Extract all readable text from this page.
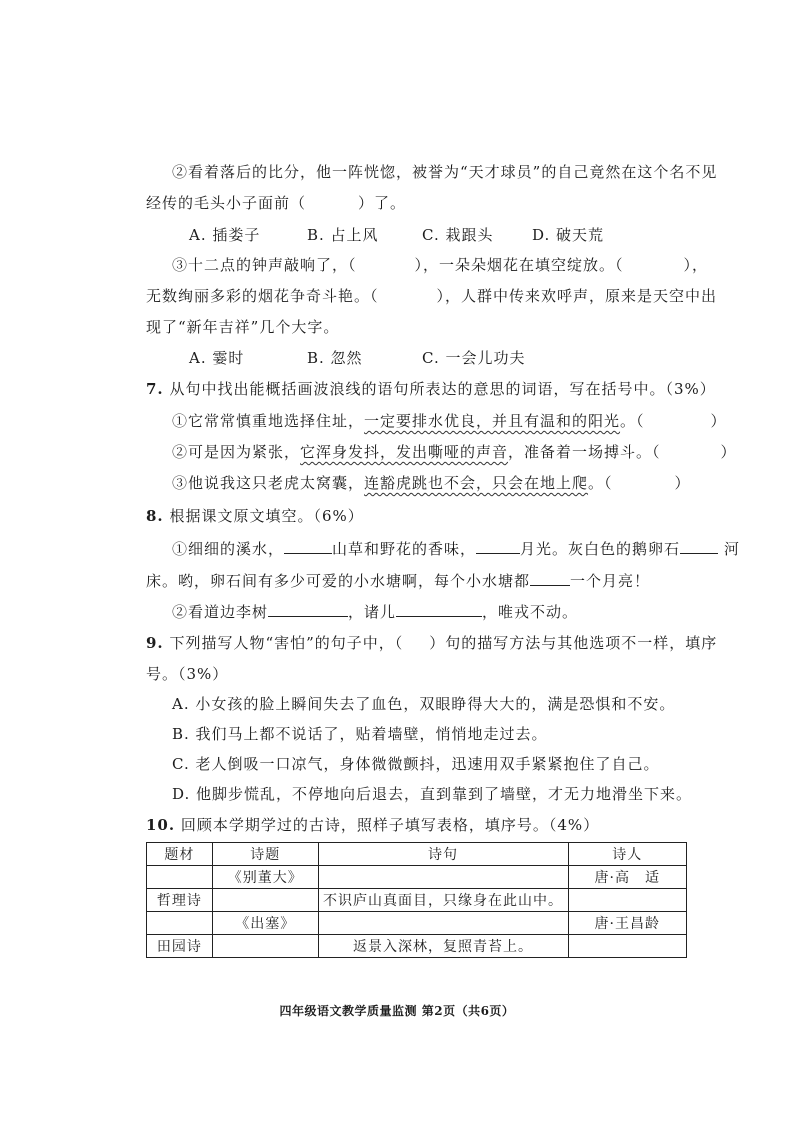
②看着落后的比分，他一阵恍惚，被誉为“天才球员”的自己竟然在这个名不见
经传的毛头小子面前（	）了。
A. 插娄子	B. 占上风	C. 栽跟头	D. 破天荒
③十二点的钟声敲响了，（	），一朵朵烟花在填空绽放。（	），
无数绚丽多彩的烟花争奇斗艳。（	），人群中传来欢呼声，原来是天空中出
现了“新年吉祥”几个大字。
A. 霎时	B. 忽然	C. 一会儿功夫
7. 从句中找出能概括画波浪线的语句所表达的意思的词语，写在括号中。（3%）
①它常常慎重地选择住址，一定要排水优良，并且有温和的阳光。（	）
②可是因为紧张，它浑身发抖，发出嘶哑的声音，准备着一场搏斗。（	）
③他说我这只老虎太窝囊，连豁虎跳也不会，只会在地上爬。（	）
8. 根据课文原文填空。（6%）
①细细的溪水，	山草和野花的香味，	月光。灰白色的鹅卵石	河
床。哟，卵石间有多少可爱的小水塘啊，每个小水塘都	一个月亮！
②看道边李树	，诸儿	，唯戎不动。
9. 下列描写人物“害怕”的句子中，（ ）句的描写方法与其他选项不一样，填序
号。（3%）
A. 小女孩的脸上瞬间失去了血色，双眼睁得大大的，满是恐惧和不安。
B. 我们马上都不说话了，贴着墙壁，悄悄地走过去。
C. 老人倒吸一口凉气，身体微微颤抖，迅速用双手紧紧抱住了自己。
D. 他脚步慌乱，不停地向后退去，直到靠到了墙壁，才无力地滑坐下来。
10. 回顾本学期学过的古诗，照样子填写表格，填序号。（4%）
题材	诗题	诗句	诗人
	《别董大》		唐·高　适
哲理诗		不识庐山真面目，只缘身在此山中。	
	《出塞》		唐·王昌龄
田园诗		返景入深林，复照青苔上。	
四年级语文教学质量监测 第2页（共6页）
